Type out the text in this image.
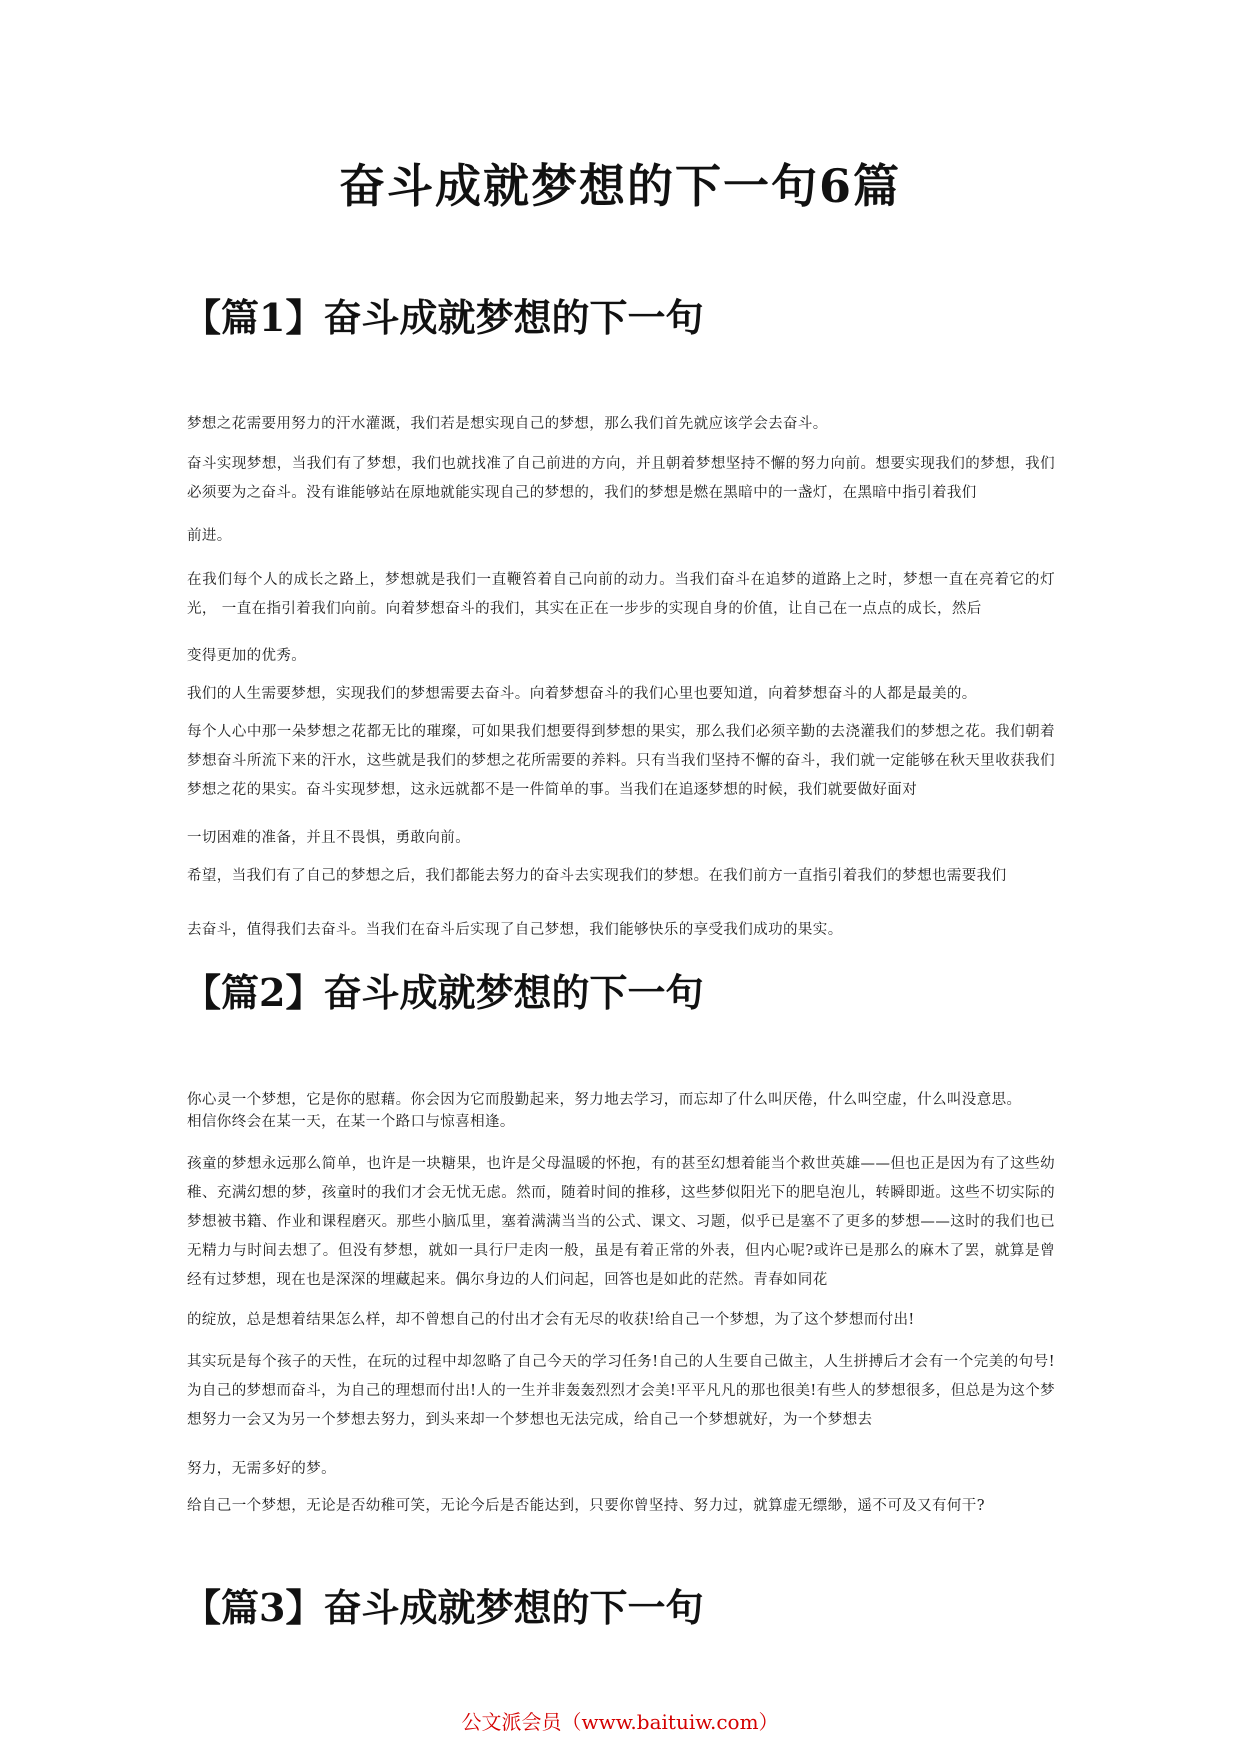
奋斗成就梦想的下一句6篇
【篇1】奋斗成就梦想的下一句

梦想之花需要用努力的汗水灌溉，我们若是想实现自己的梦想，那么我们首先就应该学会去奋斗。

奋斗实现梦想，当我们有了梦想，我们也就找准了自己前进的方向，并且朝着梦想坚持不懈的努力向前。想要实现我们的梦想，我们必须要为之奋斗。没有谁能够站在原地就能实现自己的梦想的，我们的梦想是燃在黑暗中的一盏灯，在黑暗中指引着我们

前进。

在我们每个人的成长之路上，梦想就是我们一直鞭笞着自己向前的动力。当我们奋斗在追梦的道路上之时，梦想一直在亮着它的灯光， 一直在指引着我们向前。向着梦想奋斗的我们，其实在正在一步步的实现自身的价值，让自己在一点点的成长，然后

变得更加的优秀。

我们的人生需要梦想，实现我们的梦想需要去奋斗。向着梦想奋斗的我们心里也要知道，向着梦想奋斗的人都是最美的。

每个人心中那一朵梦想之花都无比的璀璨，可如果我们想要得到梦想的果实，那么我们必须辛勤的去浇灌我们的梦想之花。我们朝着梦想奋斗所流下来的汗水，这些就是我们的梦想之花所需要的养料。只有当我们坚持不懈的奋斗，我们就一定能够在秋天里收获我们梦想之花的果实。奋斗实现梦想，这永远就都不是一件简单的事。当我们在追逐梦想的时候，我们就要做好面对

一切困难的准备，并且不畏惧，勇敢向前。

希望，当我们有了自己的梦想之后，我们都能去努力的奋斗去实现我们的梦想。在我们前方一直指引着我们的梦想也需要我们

去奋斗，值得我们去奋斗。当我们在奋斗后实现了自己梦想，我们能够快乐的享受我们成功的果实。

【篇2】奋斗成就梦想的下一句

你心灵一个梦想，它是你的慰藉。你会因为它而殷勤起来，努力地去学习，而忘却了什么叫厌倦，什么叫空虚，什么叫没意思。

相信你终会在某一天，在某一个路口与惊喜相逢。

孩童的梦想永远那么简单，也许是一块糖果，也许是父母温暖的怀抱，有的甚至幻想着能当个救世英雄——但也正是因为有了这些幼稚、充满幻想的梦，孩童时的我们才会无忧无虑。然而，随着时间的推移，这些梦似阳光下的肥皂泡儿，转瞬即逝。这些不切实际的梦想被书籍、作业和课程磨灭。那些小脑瓜里，塞着满满当当的公式、课文、习题，似乎已是塞不了更多的梦想——这时的我们也已无精力与时间去想了。但没有梦想，就如一具行尸走肉一般，虽是有着正常的外表，但内心呢?或许已是那么的麻木了罢，就算是曾经有过梦想，现在也是深深的埋藏起来。偶尔身边的人们问起，回答也是如此的茫然。青春如同花

的绽放，总是想着结果怎么样，却不曾想自己的付出才会有无尽的收获!给自己一个梦想，为了这个梦想而付出!

其实玩是每个孩子的天性，在玩的过程中却忽略了自己今天的学习任务!自己的人生要自己做主，人生拼搏后才会有一个完美的句号!为自己的梦想而奋斗，为自己的理想而付出!人的一生并非轰轰烈烈才会美!平平凡凡的那也很美!有些人的梦想很多，但总是为这个梦想努力一会又为另一个梦想去努力，到头来却一个梦想也无法完成，给自己一个梦想就好，为一个梦想去

努力，无需多好的梦。

给自己一个梦想，无论是否幼稚可笑，无论今后是否能达到，只要你曾坚持、努力过，就算虚无缥缈，遥不可及又有何干?

【篇3】奋斗成就梦想的下一句

公文派会员（www.baituiw.com）
